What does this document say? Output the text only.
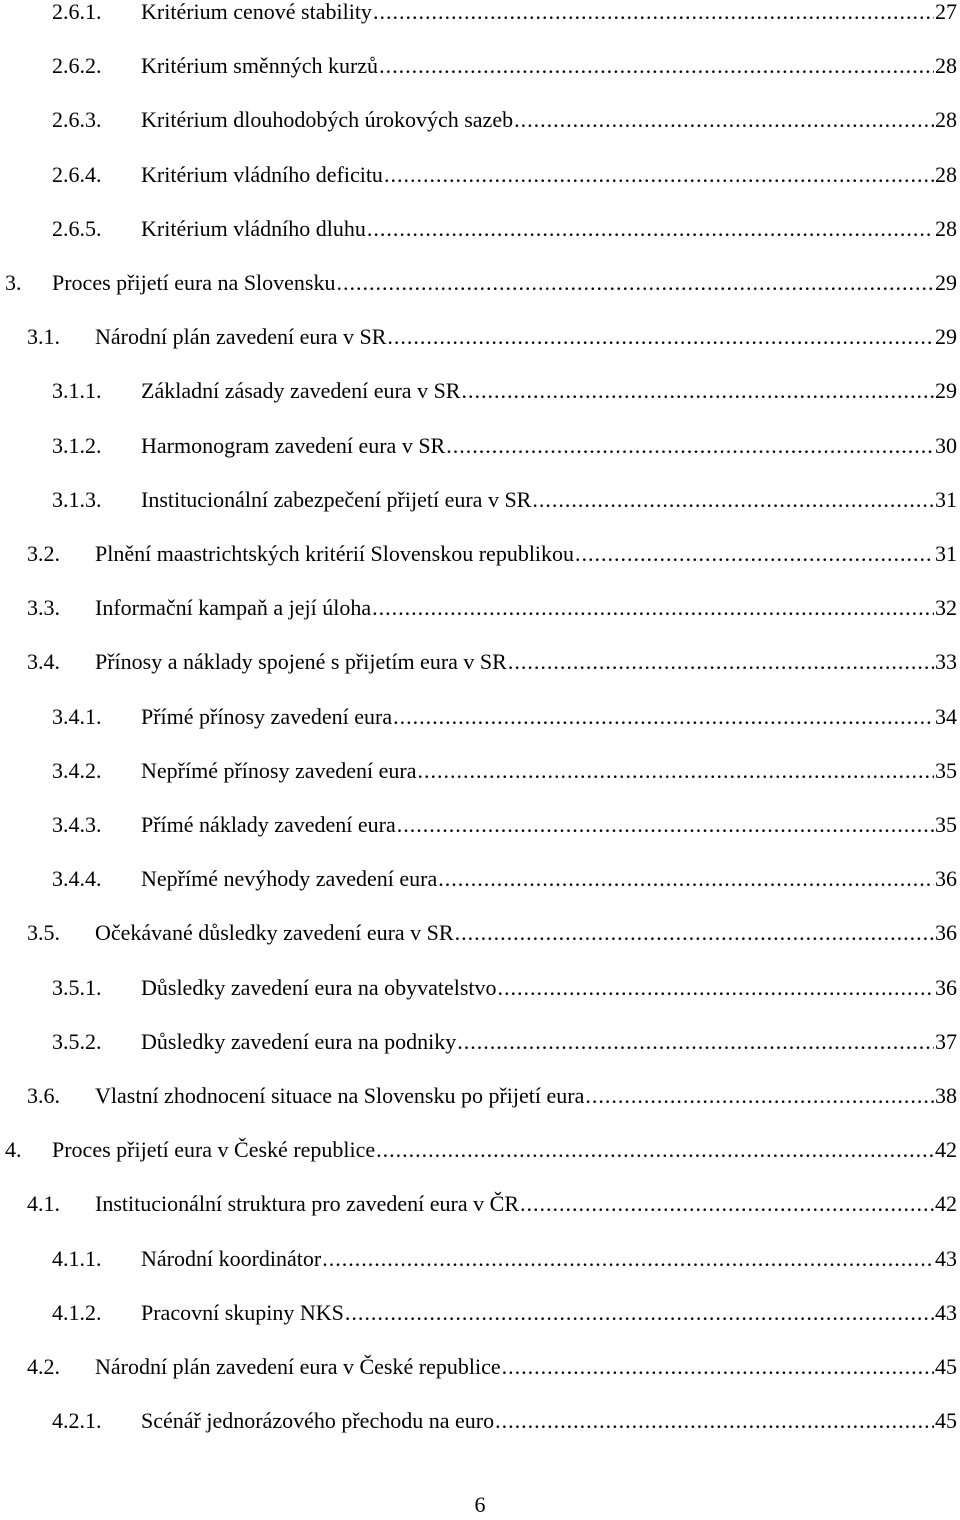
2.6.1.	Kritérium cenové stability .....	27
2.6.2.	Kritérium směnných kurzů .....	28
2.6.3.	Kritérium dlouhodobých úrokových sazeb .....	28
2.6.4.	Kritérium vládního deficitu .....	28
2.6.5.	Kritérium vládního dluhu .....	28
3.	Proces přijetí eura na Slovensku .....	29
3.1.	Národní plán zavedení eura v SR .....	29
3.1.1.	Základní zásady zavedení eura v SR .....	29
3.1.2.	Harmonogram zavedení eura v SR .....	30
3.1.3.	Institucionální zabezpečení přijetí eura v SR .....	31
3.2.	Plnění maastrichtských kritérií Slovenskou republikou .....	31
3.3.	Informační kampaň a její úloha .....	32
3.4.	Přínosy a náklady spojené s přijetím eura v SR .....	33
3.4.1.	Přímé přínosy zavedení eura .....	34
3.4.2.	Nepřímé přínosy zavedení eura .....	35
3.4.3.	Přímé náklady zavedení eura .....	35
3.4.4.	Nepřímé nevýhody zavedení eura .....	36
3.5.	Očekávané důsledky zavedení eura v SR .....	36
3.5.1.	Důsledky zavedení eura na obyvatelstvo .....	36
3.5.2.	Důsledky zavedení eura na podniky .....	37
3.6.	Vlastní zhodnocení situace na Slovensku po přijetí eura .....	38
4.	Proces přijetí eura v České republice .....	42
4.1.	Institucionální struktura pro zavedení eura v ČR .....	42
4.1.1.	Národní koordinátor .....	43
4.1.2.	Pracovní skupiny NKS .....	43
4.2.	Národní plán zavedení eura v České republice .....	45
4.2.1.	Scénář jednorázového přechodu na euro .....	45
6
